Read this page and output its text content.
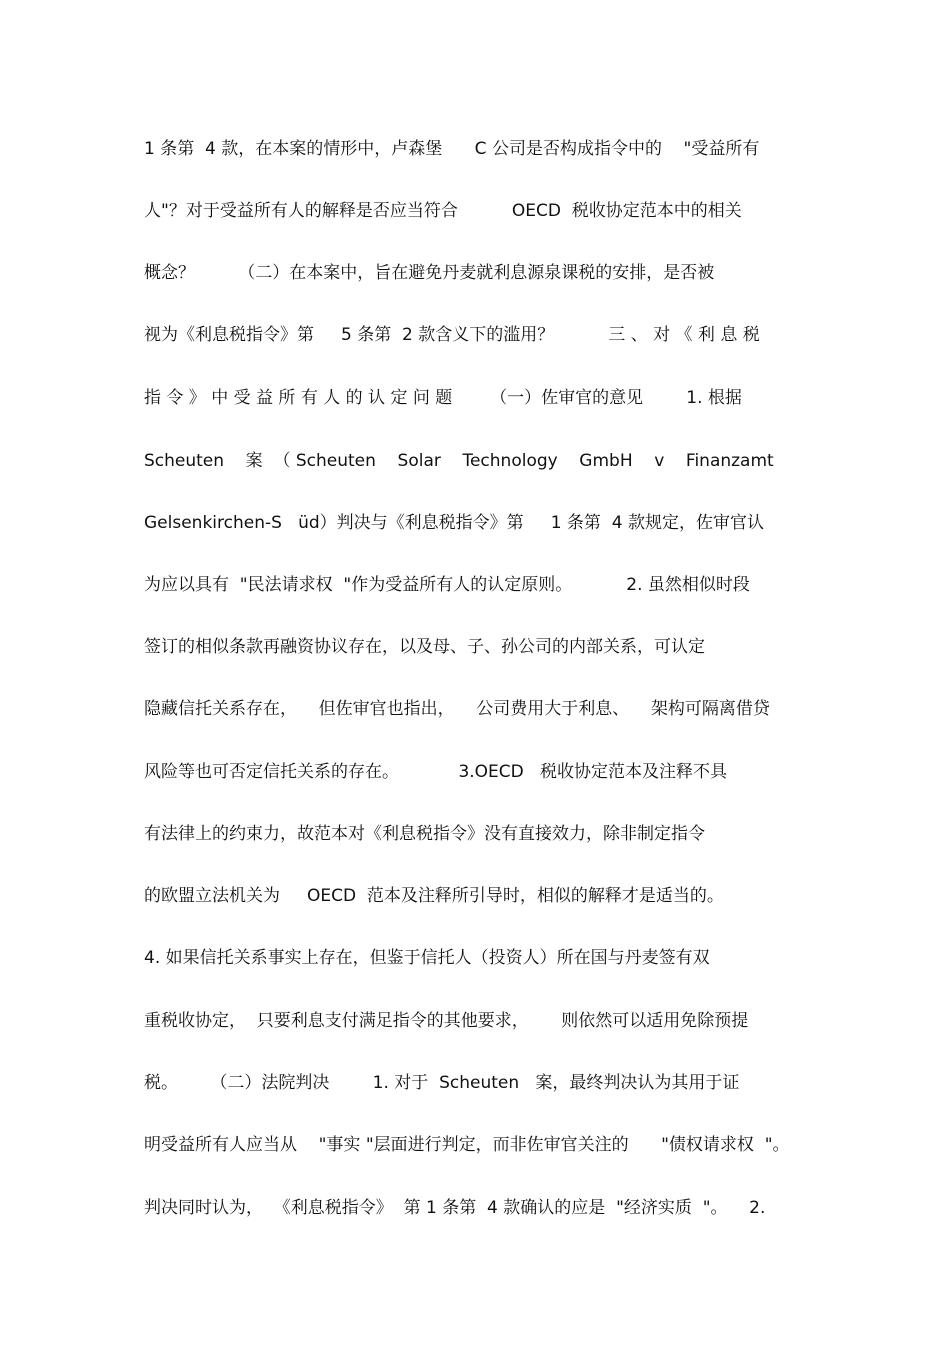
1 条第  4 款，在本案的情形中，卢森堡      C 公司是否构成指令中的    "受益所有
人"？对于受益所有人的解释是否应当符合          OECD  税收协定范本中的相关
概念？        （二）在本案中，旨在避免丹麦就利息源泉课税的安排，是否被
视为《利息税指令》第     5 条第  2 款含义下的滥用？          三 、 对 《 利 息 税
指 令 》 中 受 益 所 有 人 的 认 定 问 题       （一）佐审官的意见        1. 根据
Scheuten    案  （ Scheuten    Solar    Technology    GmbH    v    Finanzamt
Gelsenkirchen-S   üd）判决与《利息税指令》第     1 条第  4 款规定，佐审官认
为应以具有  "民法请求权  "作为受益所有人的认定原则。          2. 虽然相似时段
签订的相似条款再融资协议存在，以及母、子、孙公司的内部关系，可认定
隐藏信托关系存在，    但佐审官也指出，    公司费用大于利息、    架构可隔离借贷
风险等也可否定信托关系的存在。           3.OECD   税收协定范本及注释不具
有法律上的约束力，故范本对《利息税指令》没有直接效力，除非制定指令
的欧盟立法机关为     OECD  范本及注释所引导时，相似的解释才是适当的。
4. 如果信托关系事实上存在，但鉴于信托人（投资人）所在国与丹麦签有双
重税收协定，  只要利息支付满足指令的其他要求，      则依然可以适用免除预提
税。      （二）法院判决        1. 对于  Scheuten   案，最终判决认为其用于证
明受益所有人应当从    "事实 "层面进行判定，而非佐审官关注的      "债权请求权  "。
判决同时认为，  《利息税指令》  第 1 条第  4 款确认的应是  "经济实质  "。    2.
